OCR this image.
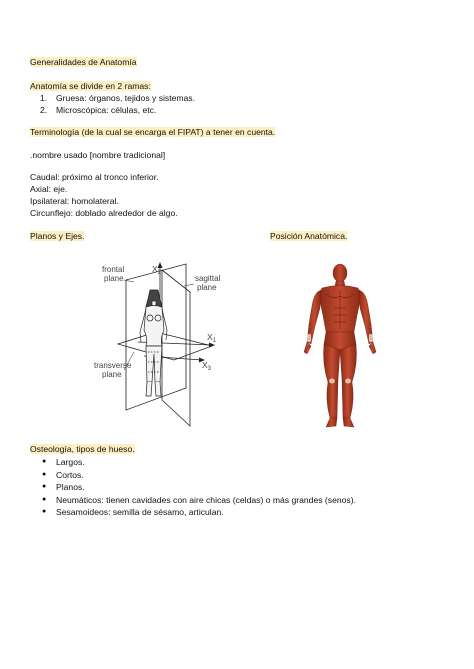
Generalidades de Anatomía
Anatomía se divide en 2 ramas:
1. Gruesa: órganos, tejidos y sistemas.
2. Microscópica: células, etc.
Terminología (de la cual se encarga el FIPAT) a tener en cuenta.
.nombre usado [nombre tradicional]
Caudal: próximo al tronco inferior.
Axial: eje.
Ipsilateral: homolateral.
Circunflejo: doblado alrededor de algo.
Planos y Ejes.	Posición Anatómica.
frontal
plane	sagittal
plane
transverse
plane
$X_2$
$X_1$
$X_3$
Osteología, tipos de hueso.
● Largos.
● Cortos.
● Planos.
● Neumáticos: tienen cavidades con aire chicas (celdas) o más grandes (senos).
● Sesamoideos: semilla de sésamo, articulan.
